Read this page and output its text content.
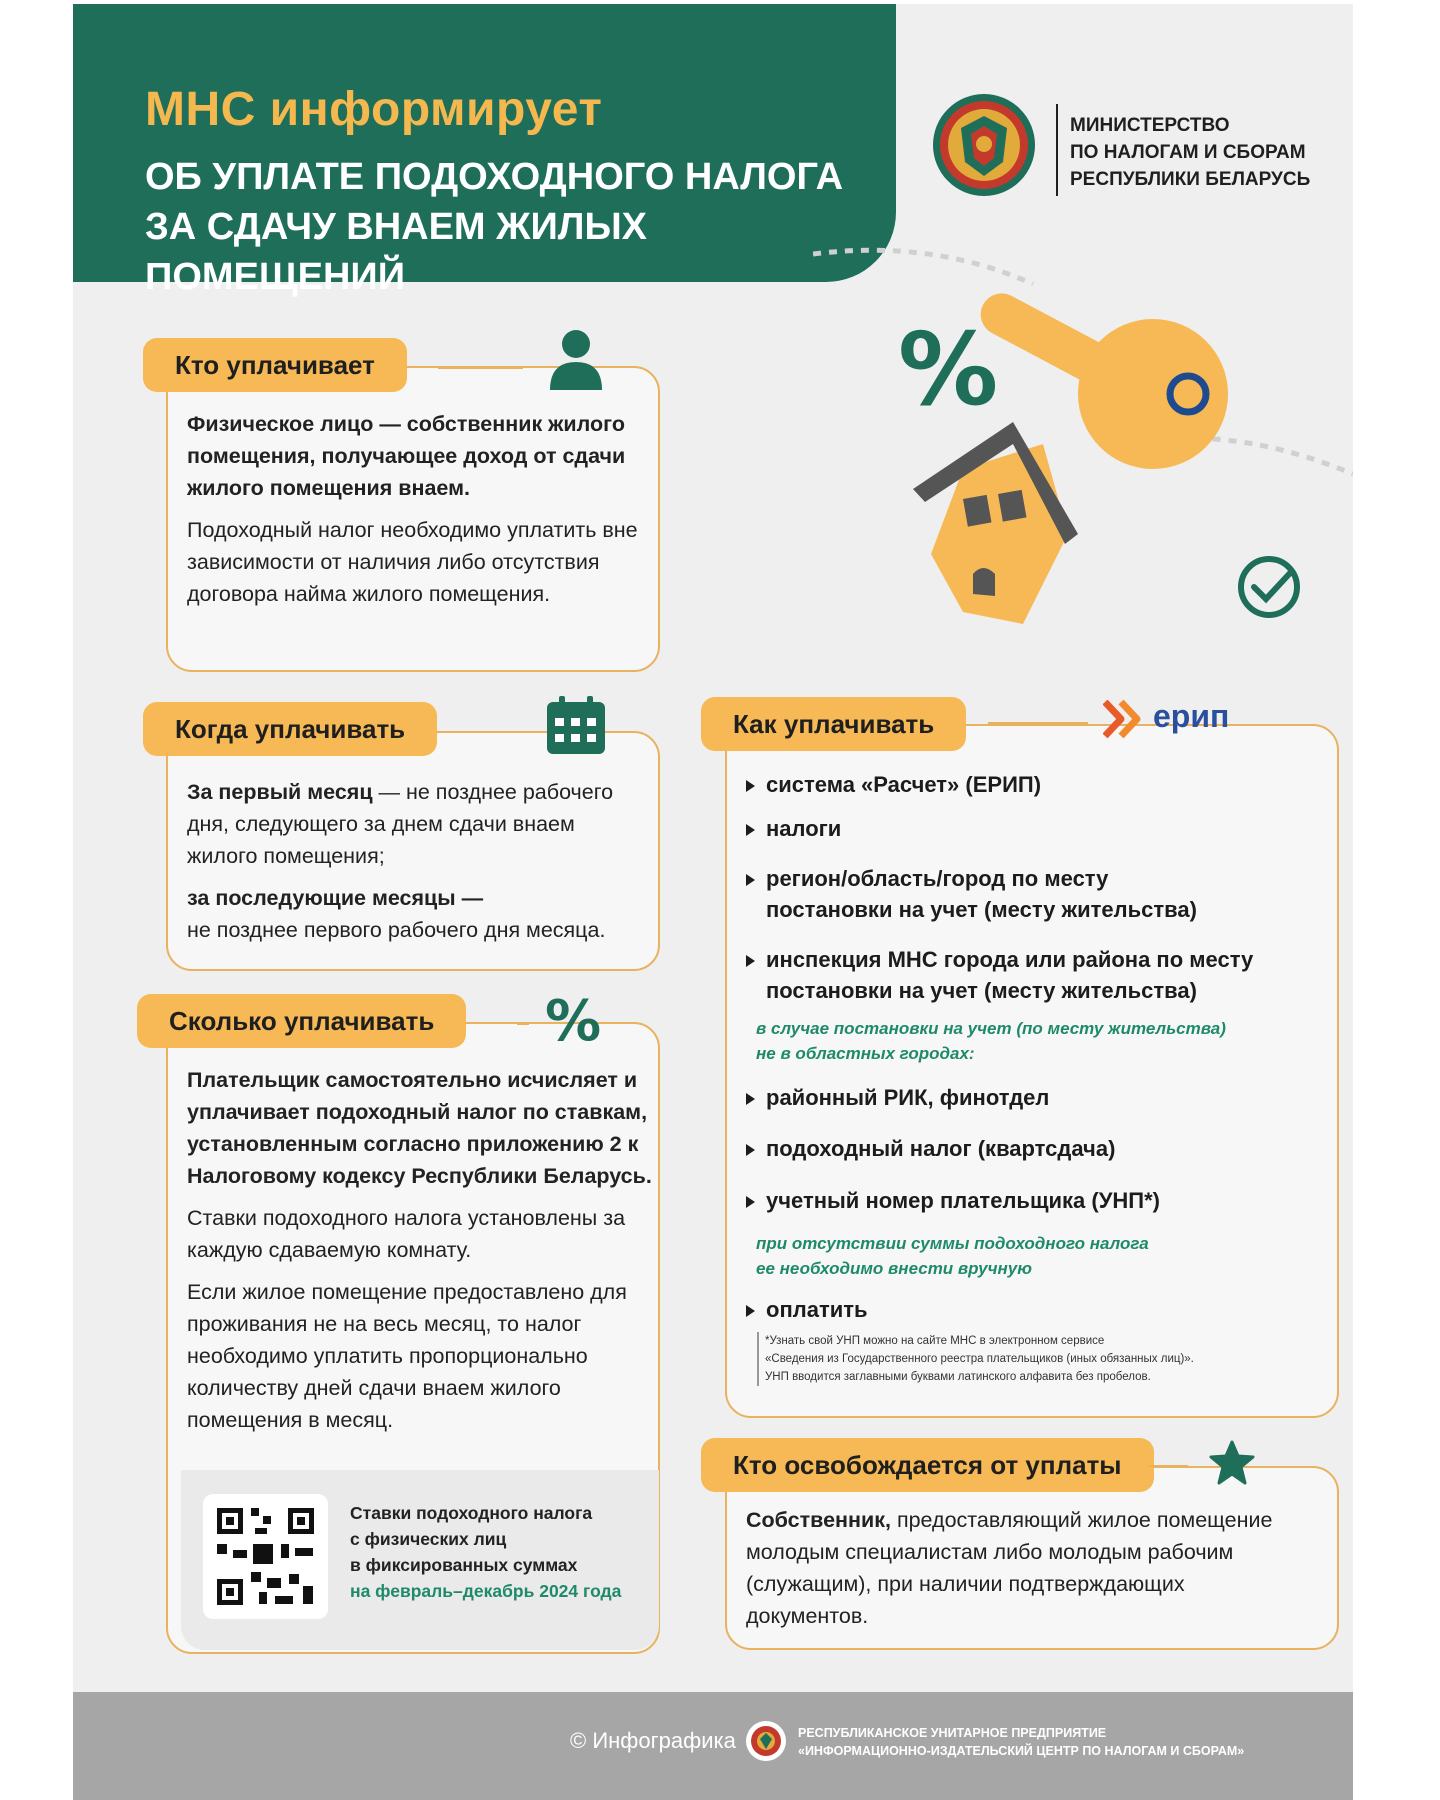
МНС информирует
ОБ УПЛАТЕ ПОДОХОДНОГО НАЛОГА
ЗА СДАЧУ ВНАЕМ ЖИЛЫХ ПОМЕЩЕНИЙ
МИНИСТЕРСТВО
ПО НАЛОГАМ И СБОРАМ
РЕСПУБЛИКИ БЕЛАРУСЬ
%
Кто уплачивает

Физическое лицо — собственник жилого помещения, получающее доход от сдачи жилого помещения внаем.

Подоходный налог необходимо уплатить вне зависимости от наличия либо отсутствия договора найма жилого помещения.

Когда уплачивать

За первый месяц — не позднее рабочего дня, следующего за днем сдачи внаем жилого помещения;

за последующие месяцы —
не позднее первого рабочего дня месяца.

Сколько уплачивать	%

Плательщик самостоятельно исчисляет и уплачивает подоходный налог по ставкам, установленным согласно приложению 2 к Налоговому кодексу Республики Беларусь.

Ставки подоходного налога установлены за каждую сдаваемую комнату.

Если жилое помещение предоставлено для проживания не на весь месяц, то налог необходимо уплатить пропорционально количеству дней сдачи внаем жилого помещения в месяц.

Ставки подоходного налога
с физических лиц
в фиксированных суммах
на февраль–декабрь 2024 года
Как уплачивать	ерип
система «Расчет» (ЕРИП)
налоги
регион/область/город по месту
постановки на учет (месту жительства)
инспекция МНС города или района по месту
постановки на учет (месту жительства)
районный РИК, финотдел
подоходный налог (квартсдача)
учетный номер плательщика (УНП*)
оплатить
в случае постановки на учет (по месту жительства)
не в областных городах:
при отсутствии суммы подоходного налога
ее необходимо внести вручную
*Узнать свой УНП можно на сайте МНС в электронном сервисе
«Сведения из Государственного реестра плательщиков (иных обязанных лиц)».
УНП вводится заглавными буквами латинского алфавита без пробелов.
Кто освобождается от уплаты

Собственник, предоставляющий жилое помещение молодым специалистам либо молодым рабочим (служащим), при наличии подтверждающих документов.

© Инфографика	РЕСПУБЛИКАНСКОЕ УНИТАРНОЕ ПРЕДПРИЯТИЕ
«ИНФОРМАЦИОННО-ИЗДАТЕЛЬСКИЙ ЦЕНТР ПО НАЛОГАМ И СБОРАМ»
